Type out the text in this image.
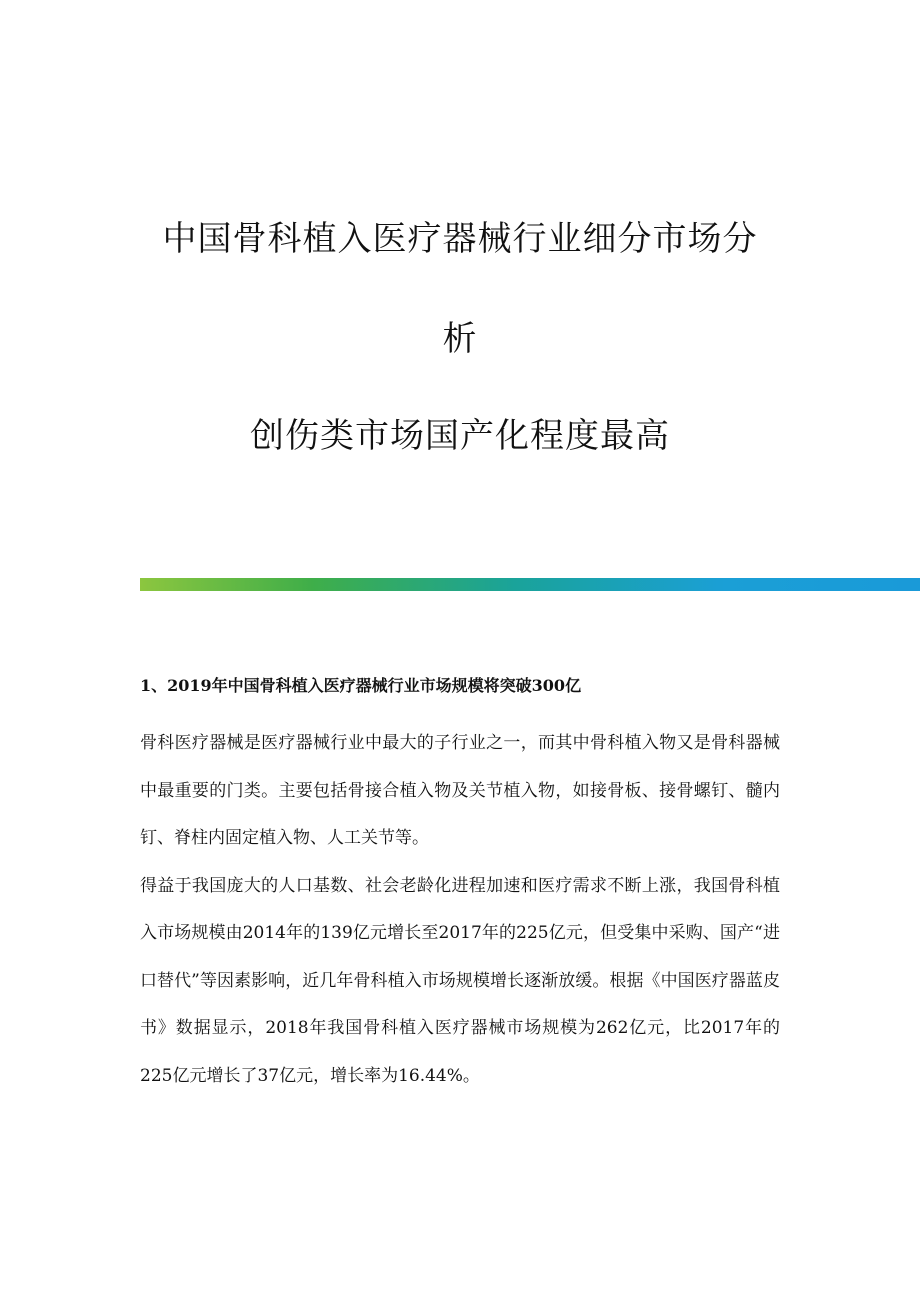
中国骨科植入医疗器械行业细分市场分
析
创伤类市场国产化程度最高
1、2019年中国骨科植入医疗器械行业市场规模将突破300亿

骨科医疗器械是医疗器械行业中最大的子行业之一，而其中骨科植入物又是骨科器械中最重要的门类。主要包括骨接合植入物及关节植入物，如接骨板、接骨螺钉、髓内钉、脊柱内固定植入物、人工关节等。

得益于我国庞大的人口基数、社会老龄化进程加速和医疗需求不断上涨，我国骨科植入市场规模由2014年的139亿元增长至2017年的225亿元，但受集中采购、国产“进口替代”等因素影响，近几年骨科植入市场规模增长逐渐放缓。根据《中国医疗器蓝皮书》数据显示，2018年我国骨科植入医疗器械市场规模为262亿元，比2017年的225亿元增长了37亿元，增长率为16.44%。
